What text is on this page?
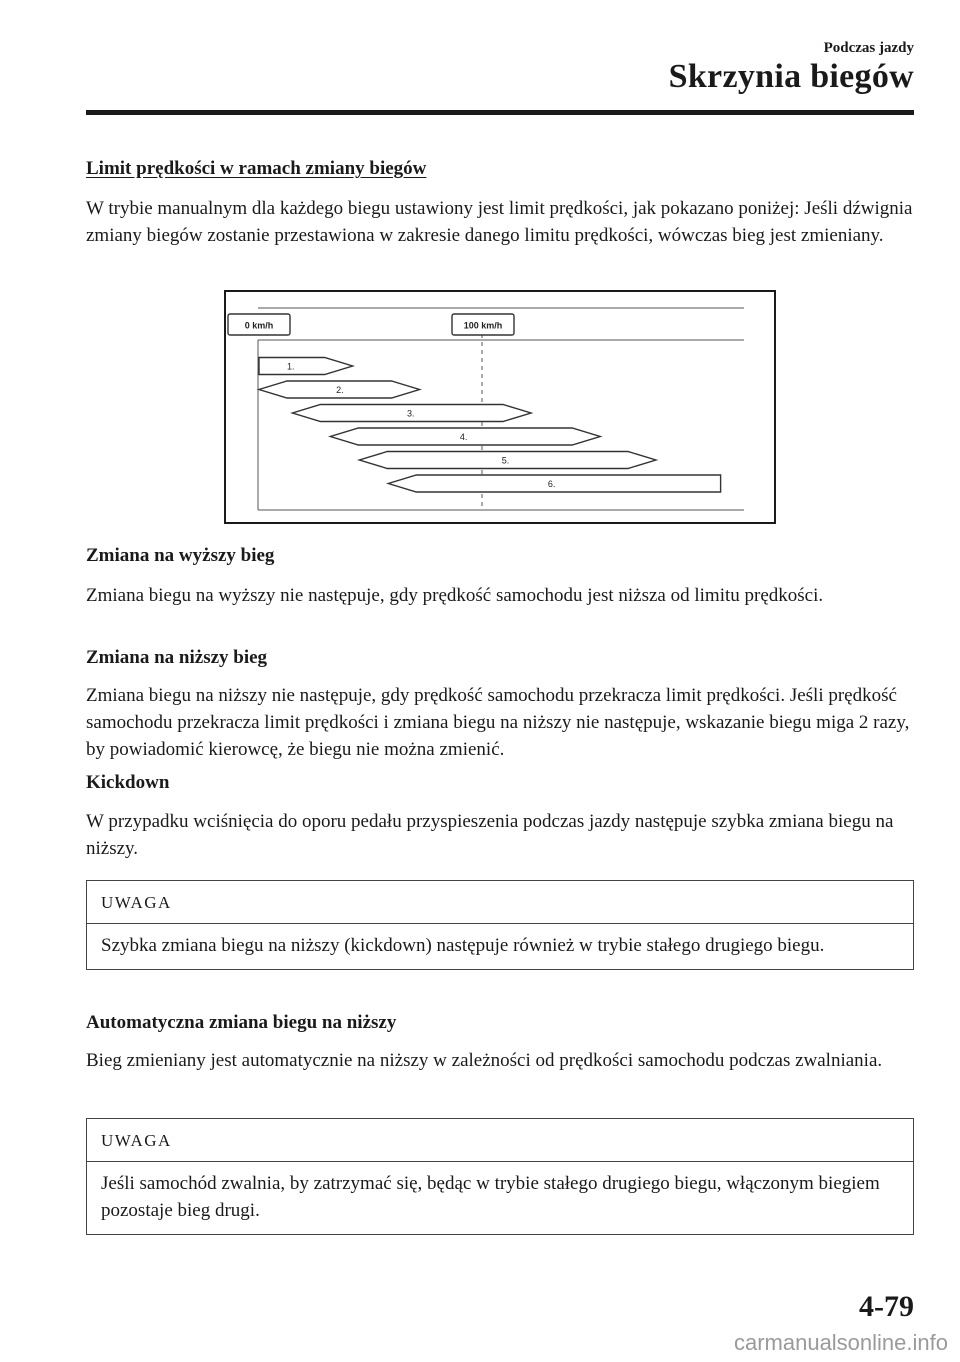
Podczas jazdy
Skrzynia biegów
Limit prędkości w ramach zmiany biegów
W trybie manualnym dla każdego biegu ustawiony jest limit prędkości, jak pokazano poniżej: Jeśli dźwignia zmiany biegów zostanie przestawiona w zakresie danego limitu prędkości, wówczas bieg jest zmieniany.
0 km/h	100 km/h
1.
2.
3.
4.
5.
6.
Zmiana na wyższy bieg
Zmiana biegu na wyższy nie następuje, gdy prędkość samochodu jest niższa od limitu prędkości.
Zmiana na niższy bieg
Zmiana biegu na niższy nie następuje, gdy prędkość samochodu przekracza limit prędkości. Jeśli prędkość samochodu przekracza limit prędkości i zmiana biegu na niższy nie następuje, wskazanie biegu miga 2 razy, by powiadomić kierowcę, że biegu nie można zmienić.
Kickdown
W przypadku wciśnięcia do oporu pedału przyspieszenia podczas jazdy następuje szybka zmiana biegu na niższy.
UWAGA
Szybka zmiana biegu na niższy (kickdown) następuje również w trybie stałego drugiego biegu.
Automatyczna zmiana biegu na niższy
Bieg zmieniany jest automatycznie na niższy w zależności od prędkości samochodu podczas zwalniania.
UWAGA
Jeśli samochód zwalnia, by zatrzymać się, będąc w trybie stałego drugiego biegu, włączonym biegiem pozostaje bieg drugi.
4-79
carmanualsonline.info
